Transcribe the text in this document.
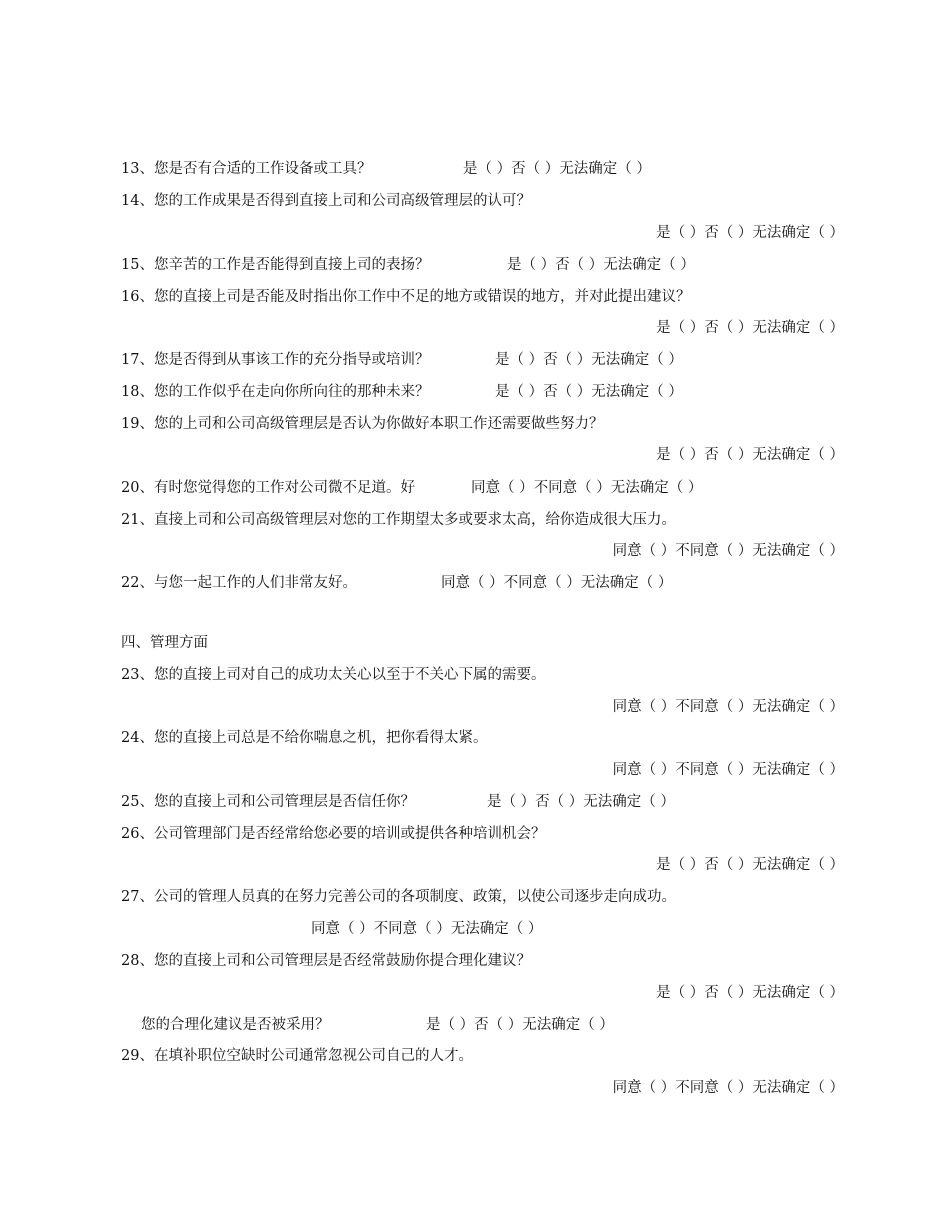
13、您是否有合适的工作设备或工具？	是（ ）否（ ）无法确定（ ）
14、您的工作成果是否得到直接上司和公司高级管理层的认可？
是（ ）否（ ）无法确定（ ）
15、您辛苦的工作是否能得到直接上司的表扬？	是（ ）否（ ）无法确定（ ）
16、您的直接上司是否能及时指出你工作中不足的地方或错误的地方，并对此提出建议？
是（ ）否（ ）无法确定（ ）
17、您是否得到从事该工作的充分指导或培训？	是（ ）否（ ）无法确定（ ）
18、您的工作似乎在走向你所向往的那种未来？	是（ ）否（ ）无法确定（ ）
19、您的上司和公司高级管理层是否认为你做好本职工作还需要做些努力？
是（ ）否（ ）无法确定（ ）
20、有时您觉得您的工作对公司微不足道。好	同意（ ）不同意（ ）无法确定（ ）
21、直接上司和公司高级管理层对您的工作期望太多或要求太高，给你造成很大压力。
同意（ ）不同意（ ）无法确定（ ）
22、与您一起工作的人们非常友好。	同意（ ）不同意（ ）无法确定（ ）
四、管理方面
23、您的直接上司对自己的成功太关心以至于不关心下属的需要。
同意（ ）不同意（ ）无法确定（ ）
24、您的直接上司总是不给你喘息之机，把你看得太紧。
同意（ ）不同意（ ）无法确定（ ）
25、您的直接上司和公司管理层是否信任你？	是（ ）否（ ）无法确定（ ）
26、公司管理部门是否经常给您必要的培训或提供各种培训机会？
是（ ）否（ ）无法确定（ ）
27、公司的管理人员真的在努力完善公司的各项制度、政策，以使公司逐步走向成功。
同意（ ）不同意（ ）无法确定（ ）
28、您的直接上司和公司管理层是否经常鼓励你提合理化建议？
是（ ）否（ ）无法确定（ ）
您的合理化建议是否被采用？	是（ ）否（ ）无法确定（ ）
29、在填补职位空缺时公司通常忽视公司自己的人才。
同意（ ）不同意（ ）无法确定（ ）
